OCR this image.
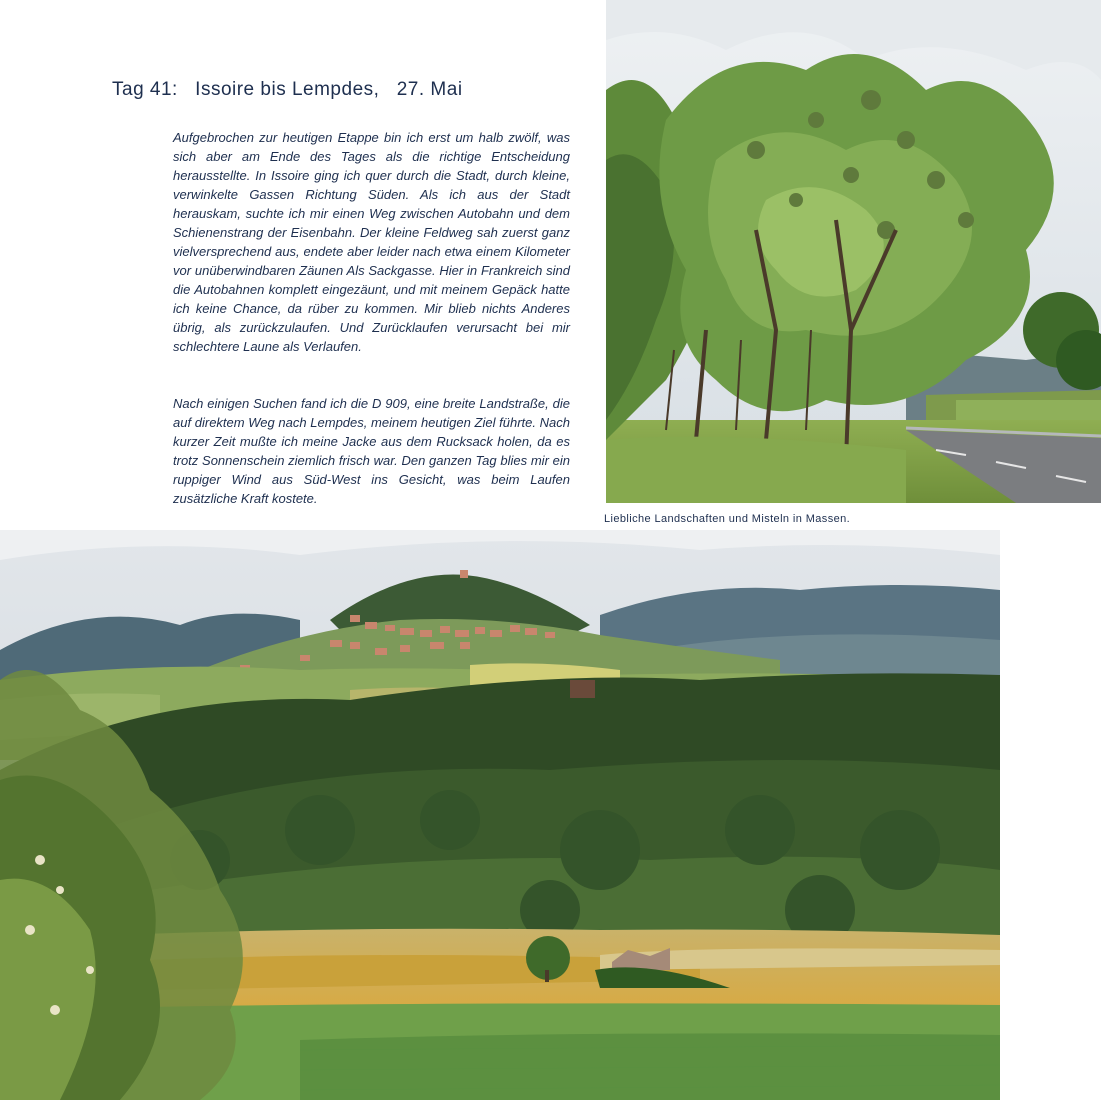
Tag 41:   Issoire bis Lempdes,   27. Mai

Aufgebrochen zur heutigen Etappe bin ich erst um halb zwölf, was sich aber am Ende des Tages als die richtige Entscheidung herausstellte. In Issoire ging ich quer durch die Stadt, durch kleine, verwinkelte Gassen Richtung Süden. Als ich aus der Stadt herauskam, suchte ich mir einen Weg zwischen Autobahn und dem Schienenstrang der Eisenbahn. Der kleine Feldweg sah zuerst ganz vielversprechend aus, endete aber leider nach etwa einem Kilometer vor unüberwindbaren Zäunen Als Sackgasse. Hier in Frankreich sind die Autobahnen komplett eingezäunt, und mit meinem Gepäck hatte ich keine Chance, da rüber zu kommen. Mir blieb nichts Anderes übrig, als zurückzulaufen. Und Zurücklaufen verursacht bei mir schlechtere Laune als Verlaufen.

Nach einigen Suchen fand ich die D 909, eine breite Landstraße, die auf direktem Weg nach Lempdes, meinem heutigen Ziel führte. Nach kurzer Zeit mußte ich meine Jacke aus dem Rucksack holen, da es trotz Sonnenschein ziemlich frisch war. Den ganzen Tag blies mir ein ruppiger Wind aus Süd-West ins Gesicht, was beim Laufen zusätzliche Kraft kostete.

Liebliche Landschaften und Misteln in Massen.
